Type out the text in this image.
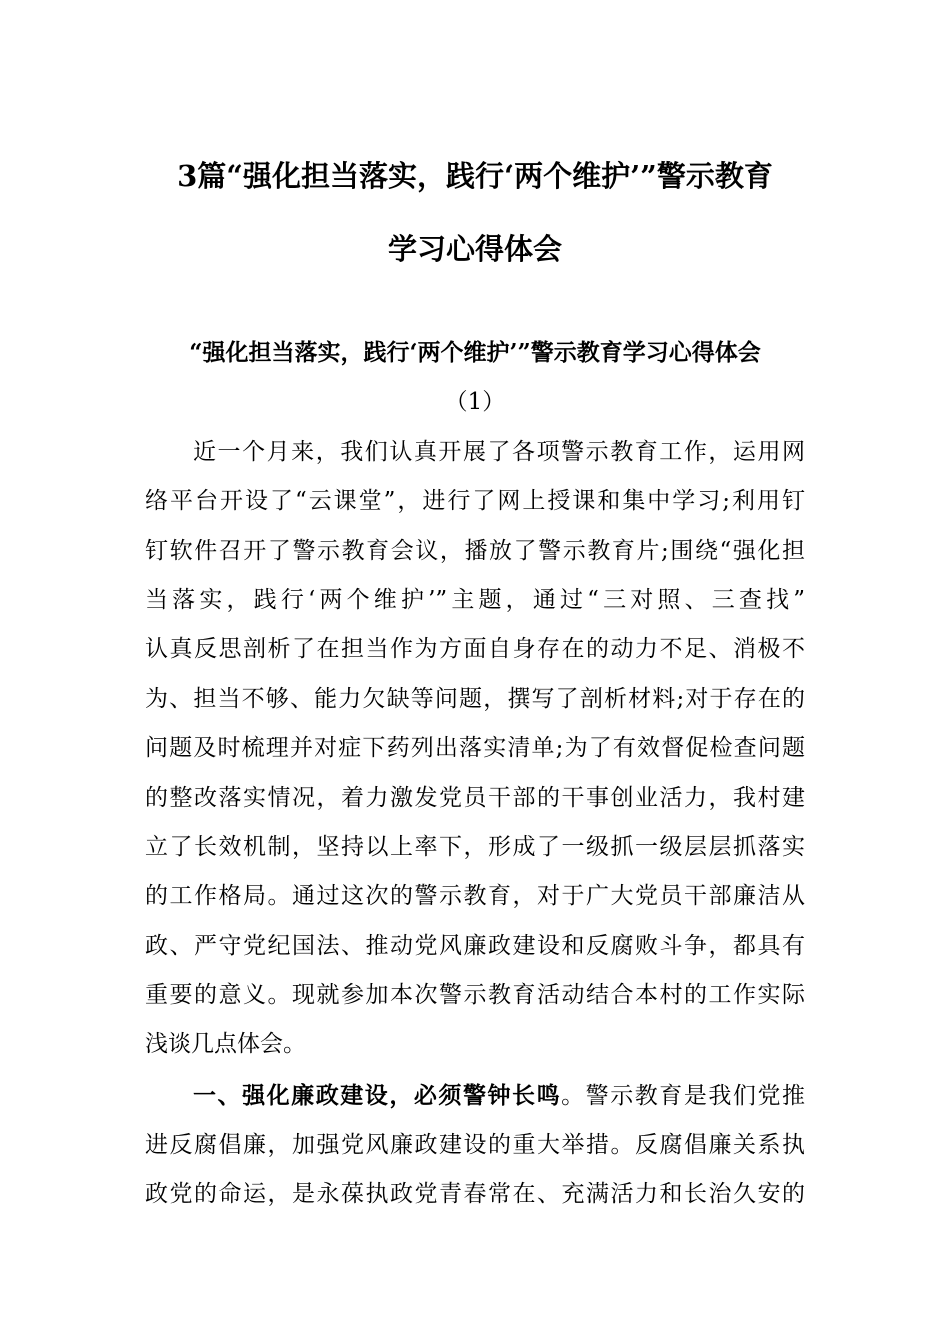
3篇“强化担当落实，践行‘两个维护’”警示教育
学习心得体会
“强化担当落实，践行‘两个维护’”警示教育学习心得体会
（1）

近一个月来，我们认真开展了各项警示教育工作，运用网

络平台开设了“云课堂”，进行了网上授课和集中学习;利用钉

钉软件召开了警示教育会议，播放了警示教育片;围绕“强化担

当落实，践行‘两个维护’”主题，通过“三对照、三查找”

认真反思剖析了在担当作为方面自身存在的动力不足、消极不

为、担当不够、能力欠缺等问题，撰写了剖析材料;对于存在的

问题及时梳理并对症下药列出落实清单;为了有效督促检查问题

的整改落实情况，着力激发党员干部的干事创业活力，我村建

立了长效机制，坚持以上率下，形成了一级抓一级层层抓落实

的工作格局。通过这次的警示教育，对于广大党员干部廉洁从

政、严守党纪国法、推动党风廉政建设和反腐败斗争，都具有

重要的意义。现就参加本次警示教育活动结合本村的工作实际

浅谈几点体会。

一、强化廉政建设，必须警钟长鸣。警示教育是我们党推

进反腐倡廉，加强党风廉政建设的重大举措。反腐倡廉关系执

政党的命运，是永葆执政党青春常在、充满活力和长治久安的
